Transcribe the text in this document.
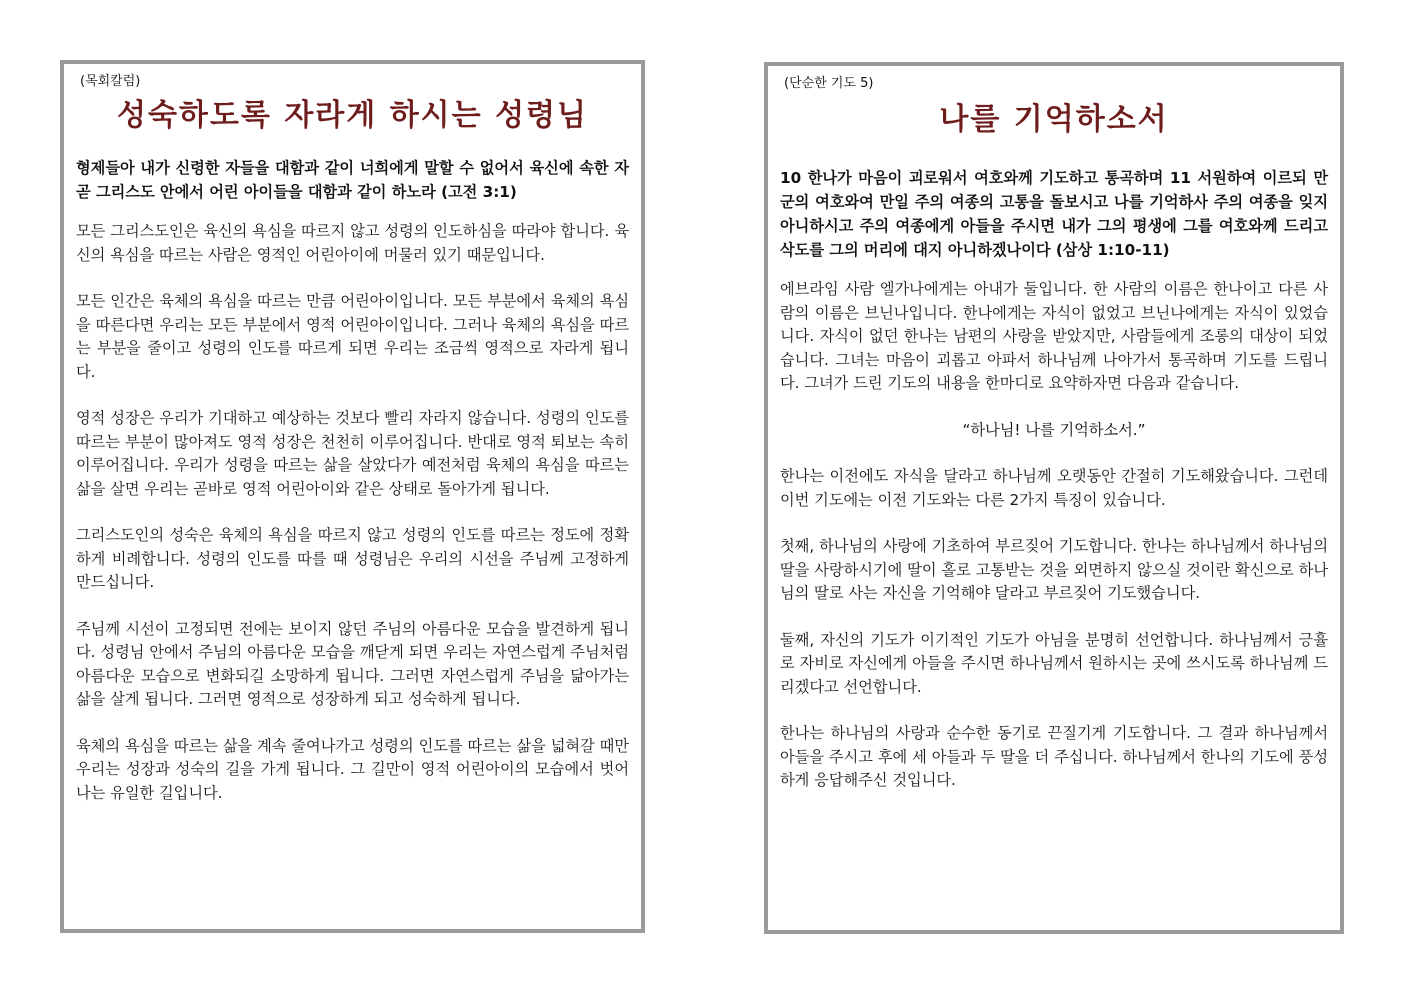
(목회칼럼)
성숙하도록 자라게 하시는 성령님
형제들아 내가 신령한 자들을 대함과 같이 너희에게 말할 수 없어서 육신에 속한 자 곧 그리스도 안에서 어린 아이들을 대함과 같이 하노라 (고전 3:1)

모든 그리스도인은 육신의 욕심을 따르지 않고 성령의 인도하심을 따라야 합니다. 육신의 욕심을 따르는 사람은 영적인 어린아이에 머물러 있기 때문입니다.

모든 인간은 육체의 욕심을 따르는 만큼 어린아이입니다. 모든 부분에서 육체의 욕심을 따른다면 우리는 모든 부분에서 영적 어린아이입니다. 그러나 육체의 욕심을 따르는 부분을 줄이고 성령의 인도를 따르게 되면 우리는 조금씩 영적으로 자라게 됩니다.

영적 성장은 우리가 기대하고 예상하는 것보다 빨리 자라지 않습니다. 성령의 인도를 따르는 부분이 많아져도 영적 성장은 천천히 이루어집니다. 반대로 영적 퇴보는 속히 이루어집니다. 우리가 성령을 따르는 삶을 살았다가 예전처럼 육체의 욕심을 따르는 삶을 살면 우리는 곧바로 영적 어린아이와 같은 상태로 돌아가게 됩니다.

그리스도인의 성숙은 육체의 욕심을 따르지 않고 성령의 인도를 따르는 정도에 정확하게 비례합니다. 성령의 인도를 따를 때 성령님은 우리의 시선을 주님께 고정하게 만드십니다.

주님께 시선이 고정되면 전에는 보이지 않던 주님의 아름다운 모습을 발견하게 됩니다. 성령님 안에서 주님의 아름다운 모습을 깨닫게 되면 우리는 자연스럽게 주님처럼 아름다운 모습으로 변화되길 소망하게 됩니다. 그러면 자연스럽게 주님을 닮아가는 삶을 살게 됩니다. 그러면 영적으로 성장하게 되고 성숙하게 됩니다.

육체의 욕심을 따르는 삶을 계속 줄여나가고 성령의 인도를 따르는 삶을 넓혀갈 때만 우리는 성장과 성숙의 길을 가게 됩니다. 그 길만이 영적 어린아이의 모습에서 벗어나는 유일한 길입니다.

(단순한 기도 5)
나를 기억하소서
10 한나가 마음이 괴로워서 여호와께 기도하고 통곡하며 11 서원하여 이르되 만군의 여호와여 만일 주의 여종의 고통을 돌보시고 나를 기억하사 주의 여종을 잊지 아니하시고 주의 여종에게 아들을 주시면 내가 그의 평생에 그를 여호와께 드리고 삭도를 그의 머리에 대지 아니하겠나이다 (삼상 1:10-11)

에브라임 사람 엘가나에게는 아내가 둘입니다. 한 사람의 이름은 한나이고 다른 사람의 이름은 브닌나입니다. 한나에게는 자식이 없었고 브닌나에게는 자식이 있었습니다. 자식이 없던 한나는 남편의 사랑을 받았지만, 사람들에게 조롱의 대상이 되었습니다. 그녀는 마음이 괴롭고 아파서 하나님께 나아가서 통곡하며 기도를 드립니다. 그녀가 드린 기도의 내용을 한마디로 요약하자면 다음과 같습니다.

“하나님! 나를 기억하소서.”

한나는 이전에도 자식을 달라고 하나님께 오랫동안 간절히 기도해왔습니다. 그런데 이번 기도에는 이전 기도와는 다른 2가지 특징이 있습니다.

첫째, 하나님의 사랑에 기초하여 부르짖어 기도합니다. 한나는 하나님께서 하나님의 딸을 사랑하시기에 딸이 홀로 고통받는 것을 외면하지 않으실 것이란 확신으로 하나님의 딸로 사는 자신을 기억해야 달라고 부르짖어 기도했습니다.

둘째, 자신의 기도가 이기적인 기도가 아님을 분명히 선언합니다. 하나님께서 긍휼로 자비로 자신에게 아들을 주시면 하나님께서 원하시는 곳에 쓰시도록 하나님께 드리겠다고 선언합니다.

한나는 하나님의 사랑과 순수한 동기로 끈질기게 기도합니다. 그 결과 하나님께서 아들을 주시고 후에 세 아들과 두 딸을 더 주십니다. 하나님께서 한나의 기도에 풍성하게 응답해주신 것입니다.
